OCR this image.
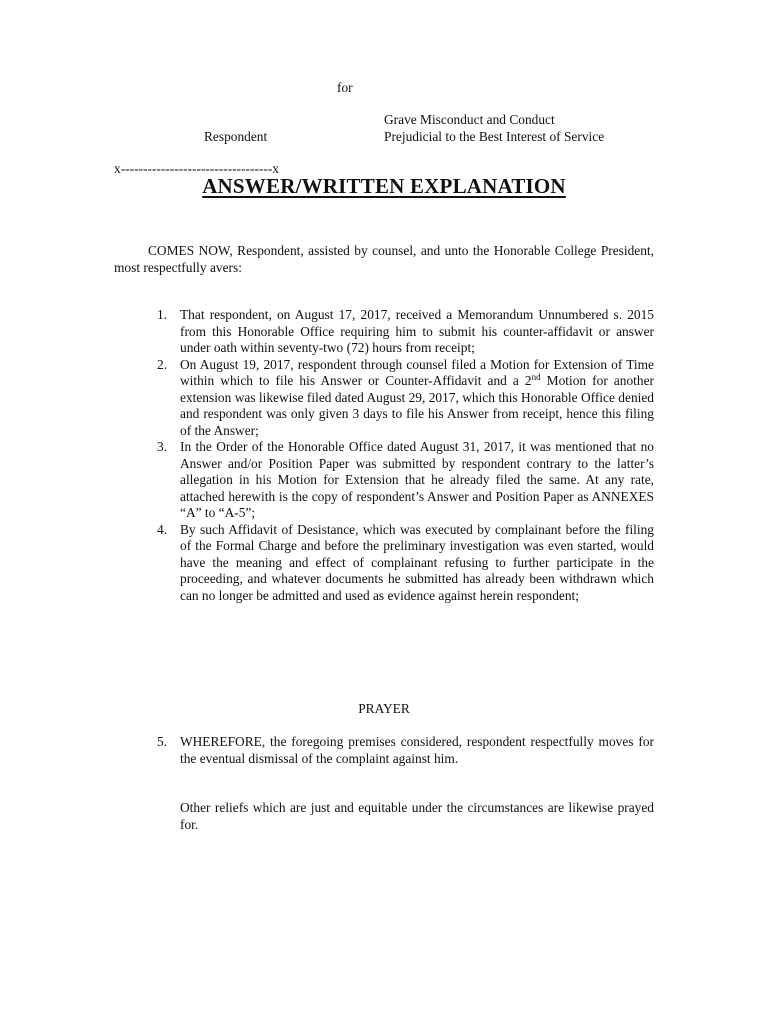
for
Grave Misconduct and Conduct
Respondent	Prejudicial to the Best Interest of Service
x----------------------------------x
ANSWER/WRITTEN EXPLANATION
COMES NOW, Respondent, assisted by counsel, and unto the Honorable College President, most respectfully avers:
1. That respondent, on August 17, 2017, received a Memorandum Unnumbered s. 2015 from this Honorable Office requiring him to submit his counter-affidavit or answer under oath within seventy-two (72) hours from receipt;
2. On August 19, 2017, respondent through counsel filed a Motion for Extension of Time within which to file his Answer or Counter-Affidavit and a 2nd Motion for another extension was likewise filed dated August 29, 2017, which this Honorable Office denied and respondent was only given 3 days to file his Answer from receipt, hence this filing of the Answer;
3. In the Order of the Honorable Office dated August 31, 2017, it was mentioned that no Answer and/or Position Paper was submitted by respondent contrary to the latter’s allegation in his Motion for Extension that he already filed the same. At any rate, attached herewith is the copy of respondent’s Answer and Position Paper as ANNEXES “A” to “A-5”;
4. By such Affidavit of Desistance, which was executed by complainant before the filing of the Formal Charge and before the preliminary investigation was even started, would have the meaning and effect of complainant refusing to further participate in the proceeding, and whatever documents he submitted has already been withdrawn which can no longer be admitted and used as evidence against herein respondent;
PRAYER
5. WHEREFORE, the foregoing premises considered, respondent respectfully moves for the eventual dismissal of the complaint against him.
Other reliefs which are just and equitable under the circumstances are likewise prayed for.
